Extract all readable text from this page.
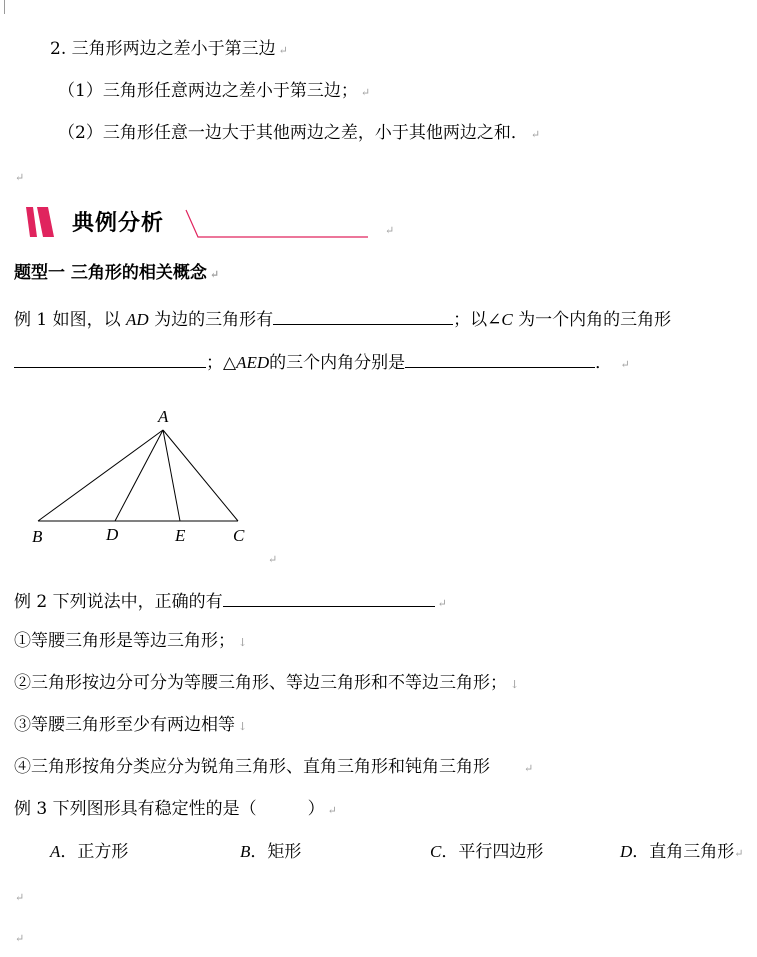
2. 三角形两边之差小于第三边 ↵
（1）三角形任意两边之差小于第三边； ↵
（2）三角形任意一边大于其他两边之差，小于其他两边之和． ↵
↵
典例分析	↵
题型一 三角形的相关概念 ↵
例 1 如图，以 AD 为边的三角形有	；以∠C 为一个内角的三角形
；△AED的三个内角分别是	． ↵
A
B	D	E	C
↵
例 2 下列说法中，正确的有	↵
①等腰三角形是等边三角形； ↓
②三角形按边分可分为等腰三角形、等边三角形和不等边三角形； ↓
③等腰三角形至少有两边相等 ↓
④三角形按角分类应分为锐角三角形、直角三角形和钝角三角形	↵
例 3 下列图形具有稳定性的是（　　　） ↵
A．正方形	B．矩形	C．平行四边形	D．直角三角形↵
↵
↵
